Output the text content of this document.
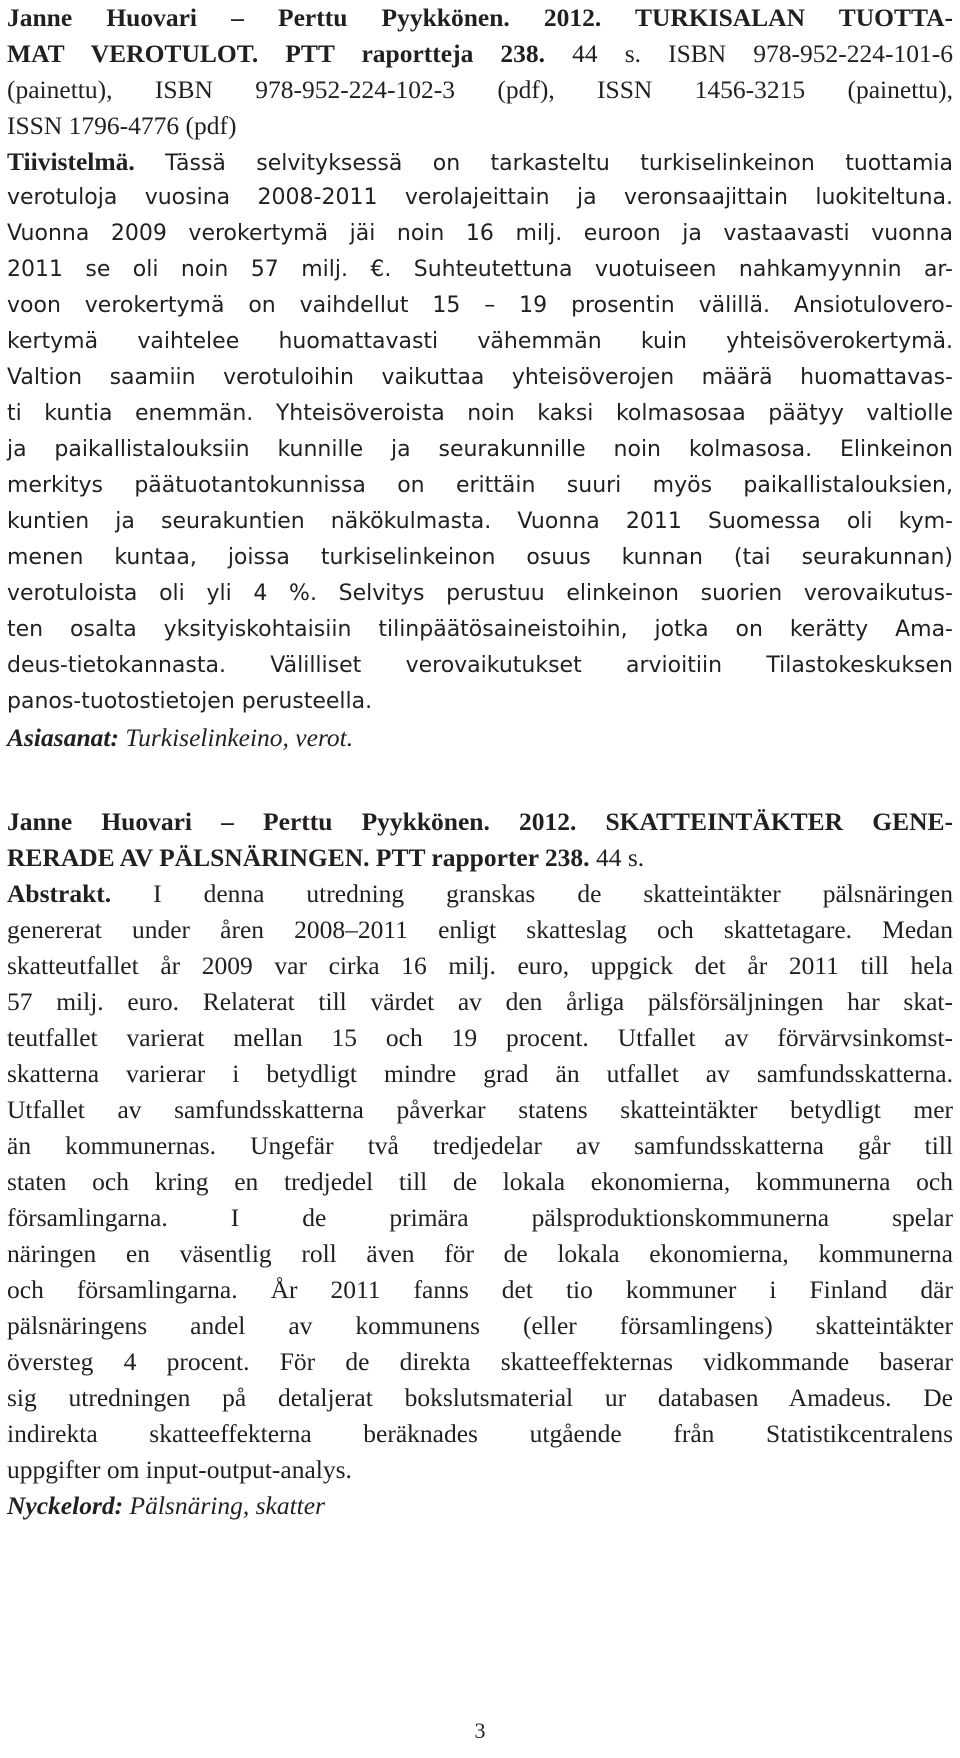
Janne Huovari – Perttu Pyykkönen. 2012. TURKISALAN TUOTTA-
MAT VEROTULOT. PTT raportteja 238. 44 s. ISBN 978-952-224-101-6
(painettu), ISBN 978-952-224-102-3 (pdf), ISSN 1456-3215 (painettu),
ISSN 1796-4776 (pdf)
Tiivistelmä. Tässä selvityksessä on tarkasteltu turkiselinkeinon tuottamia
verotuloja vuosina 2008-2011 verolajeittain ja veronsaajittain luokiteltuna.
Vuonna 2009 verokertymä jäi noin 16 milj. euroon ja vastaavasti vuonna
2011 se oli noin 57 milj. €. Suhteutettuna vuotuiseen nahkamyynnin ar-
voon verokertymä on vaihdellut 15 – 19 prosentin välillä. Ansiotulovero-
kertymä vaihtelee huomattavasti vähemmän kuin yhteisöverokertymä.
Valtion saamiin verotuloihin vaikuttaa yhteisöverojen määrä huomattavas-
ti kuntia enemmän. Yhteisöveroista noin kaksi kolmasosaa päätyy valtiolle
ja paikallistalouksiin kunnille ja seurakunnille noin kolmasosa. Elinkeinon
merkitys päätuotantokunnissa on erittäin suuri myös paikallistalouksien,
kuntien ja seurakuntien näkökulmasta. Vuonna 2011 Suomessa oli kym-
menen kuntaa, joissa turkiselinkeinon osuus kunnan (tai seurakunnan)
verotuloista oli yli 4 %. Selvitys perustuu elinkeinon suorien verovaikutus-
ten osalta yksityiskohtaisiin tilinpäätösaineistoihin, jotka on kerätty Ama-
deus-tietokannasta. Välilliset verovaikutukset arvioitiin Tilastokeskuksen
panos-tuotostietojen perusteella.
Asiasanat: Turkiselinkeino, verot.
Janne Huovari – Perttu Pyykkönen. 2012. SKATTEINTÄKTER GENE-
RERADE AV PÄLSNÄRINGEN. PTT rapporter 238. 44 s.
Abstrakt. I denna utredning granskas de skatteintäkter pälsnäringen
genererat under åren 2008–2011 enligt skatteslag och skattetagare. Medan
skatteutfallet år 2009 var cirka 16 milj. euro, uppgick det år 2011 till hela
57 milj. euro. Relaterat till värdet av den årliga pälsförsäljningen har skat-
teutfallet varierat mellan 15 och 19 procent. Utfallet av förvärvsinkomst-
skatterna varierar i betydligt mindre grad än utfallet av samfundsskatterna.
Utfallet av samfundsskatterna påverkar statens skatteintäkter betydligt mer
än kommunernas. Ungefär två tredjedelar av samfundsskatterna går till
staten och kring en tredjedel till de lokala ekonomierna, kommunerna och
församlingarna. I de primära pälsproduktionskommunerna spelar
näringen en väsentlig roll även för de lokala ekonomierna, kommunerna
och församlingarna. År 2011 fanns det tio kommuner i Finland där
pälsnäringens andel av kommunens (eller församlingens) skatteintäkter
översteg 4 procent. För de direkta skatteeffekternas vidkommande baserar
sig utredningen på detaljerat bokslutsmaterial ur databasen Amadeus. De
indirekta skatteeffekterna beräknades utgående från Statistikcentralens
uppgifter om input-output-analys.
Nyckelord: Pälsnäring, skatter
3
